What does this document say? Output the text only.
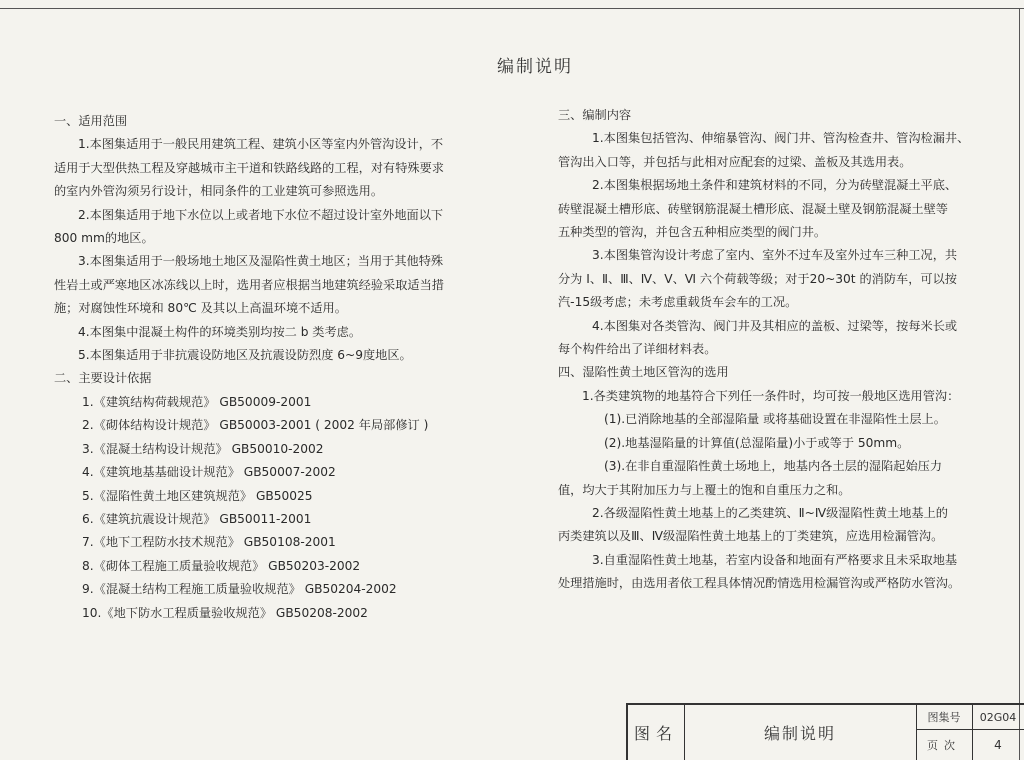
编制说明

一、适用范围

1.本图集适用于一般民用建筑工程、建筑小区等室内外管沟设计，不

适用于大型供热工程及穿越城市主干道和铁路线路的工程，对有特殊要求

的室内外管沟须另行设计，相同条件的工业建筑可参照选用。

2.本图集适用于地下水位以上或者地下水位不超过设计室外地面以下

800 mm的地区。

3.本图集适用于一般场地土地区及湿陷性黄土地区；当用于其他特殊

性岩土或严寒地区冰冻线以上时，选用者应根据当地建筑经验采取适当措

施；对腐蚀性环境和 80℃ 及其以上高温环境不适用。

4.本图集中混凝土构件的环境类别均按二 b 类考虑。

5.本图集适用于非抗震设防地区及抗震设防烈度 6~9度地区。

二、主要设计依据

1.《建筑结构荷载规范》 GB50009-2001

2.《砌体结构设计规范》 GB50003-2001 ( 2002 年局部修订 )

3.《混凝土结构设计规范》 GB50010-2002

4.《建筑地基基础设计规范》 GB50007-2002

5.《湿陷性黄土地区建筑规范》 GB50025

6.《建筑抗震设计规范》 GB50011-2001

7.《地下工程防水技术规范》 GB50108-2001

8.《砌体工程施工质量验收规范》 GB50203-2002

9.《混凝土结构工程施工质量验收规范》 GB50204-2002

10.《地下防水工程质量验收规范》 GB50208-2002

三、编制内容

1.本图集包括管沟、伸缩暴管沟、阀门井、管沟检查井、管沟检漏井、

管沟出入口等，并包括与此相对应配套的过梁、盖板及其选用表。

2.本图集根据场地土条件和建筑材料的不同，分为砖壁混凝土平底、

砖壁混凝土槽形底、砖壁钢筋混凝土槽形底、混凝土壁及钢筋混凝土壁等

五种类型的管沟，并包含五种相应类型的阀门井。

3.本图集管沟设计考虑了室内、室外不过车及室外过车三种工况，共

分为 Ⅰ、Ⅱ、Ⅲ、Ⅳ、Ⅴ、Ⅵ 六个荷载等级；对于20~30t 的消防车，可以按

汽-15级考虑；未考虑重载货车会车的工况。

4.本图集对各类管沟、阀门井及其相应的盖板、过梁等，按每米长或

每个构件给出了详细材料表。

四、湿陷性黄土地区管沟的选用

1.各类建筑物的地基符合下列任一条件时，均可按一般地区选用管沟：

(1).已消除地基的全部湿陷量 或将基础设置在非湿陷性土层上。

(2).地基湿陷量的计算值(总湿陷量)小于或等于 50mm。

(3).在非自重湿陷性黄土场地上，地基内各土层的湿陷起始压力

值，均大于其附加压力与上覆土的饱和自重压力之和。

2.各级湿陷性黄土地基上的乙类建筑、Ⅱ~Ⅳ级湿陷性黄土地基上的

丙类建筑以及Ⅲ、Ⅳ级湿陷性黄土地基上的丁类建筑，应选用检漏管沟。

3.自重湿陷性黄土地基，若室内设备和地面有严格要求且未采取地基

处理措施时，由选用者依工程具体情况酌情选用检漏管沟或严格防水管沟。

图名	编制说明
图集号	02G04
页次	4
